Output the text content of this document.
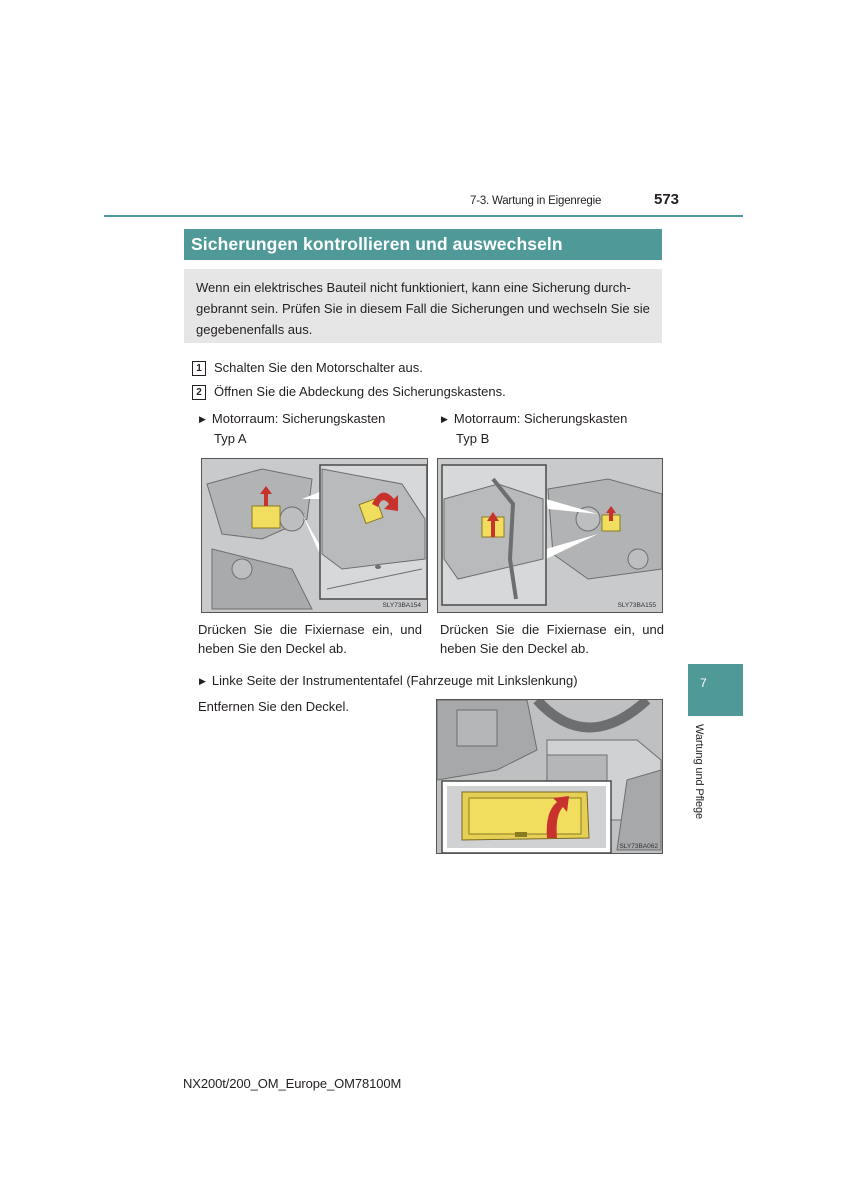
7-3. Wartung in Eigenregie	573
Sicherungen kontrollieren und auswechseln
Wenn ein elektrisches Bauteil nicht funktioniert, kann eine Sicherung durch-
gebrannt sein. Prüfen Sie in diesem Fall die Sicherungen und wechseln Sie sie
gegebenenfalls aus.
1 Schalten Sie den Motorschalter aus.
2 Öffnen Sie die Abdeckung des Sicherungskastens.
▶ Motorraum: Sicherungskasten
Typ A
▶ Motorraum: Sicherungskasten
Typ B
SLY73BA154	SLY73BA155
Drücken Sie die Fixiernase ein, und
heben Sie den Deckel ab.
Drücken Sie die Fixiernase ein, und
heben Sie den Deckel ab.
▶ Linke Seite der Instrumententafel (Fahrzeuge mit Linkslenkung)
Entfernen Sie den Deckel.
SLY73BA062
7
Wartung und Pflege
NX200t/200_OM_Europe_OM78100M
